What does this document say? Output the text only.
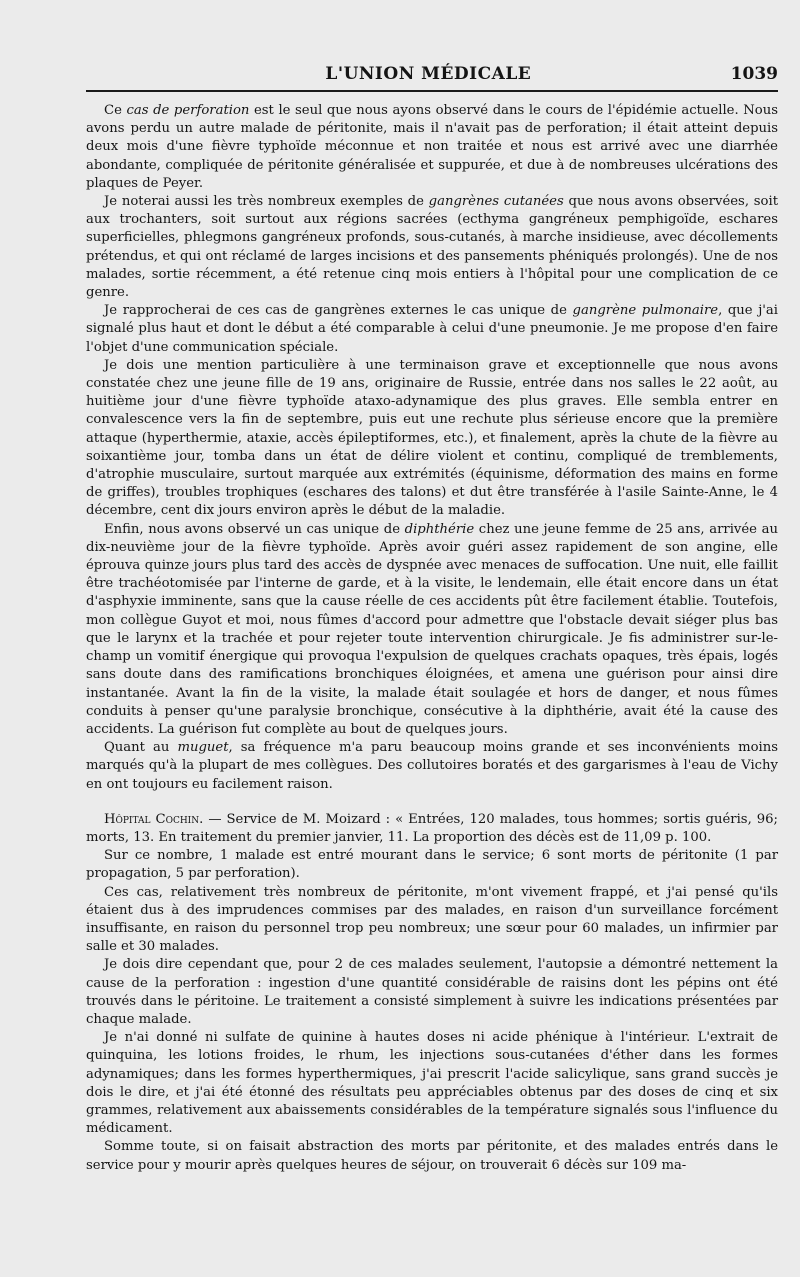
L'UNION MÉDICALE	1039

Ce cas de perforation est le seul que nous ayons observé dans le cours de l'épidémie actuelle. Nous avons perdu un autre malade de péritonite, mais il n'avait pas de perforation; il était atteint depuis deux mois d'une fièvre typhoïde méconnue et non traitée et nous est arrivé avec une diarrhée abondante, compliquée de péritonite généralisée et suppurée, et due à de nombreuses ulcérations des plaques de Peyer.

Je noterai aussi les très nombreux exemples de gangrènes cutanées que nous avons observées, soit aux trochanters, soit surtout aux régions sacrées (ecthyma gangréneux pemphigoïde, eschares superficielles, phlegmons gangréneux profonds, sous-cutanés, à marche insidieuse, avec décollements prétendus, et qui ont réclamé de larges incisions et des pansements phéniqués prolongés). Une de nos malades, sortie récemment, a été retenue cinq mois entiers à l'hôpital pour une complication de ce genre.

Je rapprocherai de ces cas de gangrènes externes le cas unique de gangrène pulmonaire, que j'ai signalé plus haut et dont le début a été comparable à celui d'une pneumonie. Je me propose d'en faire l'objet d'une communication spéciale.

Je dois une mention particulière à une terminaison grave et exceptionnelle que nous avons constatée chez une jeune fille de 19 ans, originaire de Russie, entrée dans nos salles le 22 août, au huitième jour d'une fièvre typhoïde ataxo-adynamique des plus graves. Elle sembla entrer en convalescence vers la fin de septembre, puis eut une rechute plus sérieuse encore que la première attaque (hyperthermie, ataxie, accès épileptiformes, etc.), et finalement, après la chute de la fièvre au soixantième jour, tomba dans un état de délire violent et continu, compliqué de tremblements, d'atrophie musculaire, surtout marquée aux extrémités (équinisme, déformation des mains en forme de griffes), troubles trophiques (eschares des talons) et dut être transférée à l'asile Sainte-Anne, le 4 décembre, cent dix jours environ après le début de la maladie.

Enfin, nous avons observé un cas unique de diphthérie chez une jeune femme de 25 ans, arrivée au dix-neuvième jour de la fièvre typhoïde. Après avoir guéri assez rapidement de son angine, elle éprouva quinze jours plus tard des accès de dyspnée avec menaces de suffocation. Une nuit, elle faillit être trachéotomisée par l'interne de garde, et à la visite, le lendemain, elle était encore dans un état d'asphyxie imminente, sans que la cause réelle de ces accidents pût être facilement établie. Toutefois, mon collègue Guyot et moi, nous fûmes d'accord pour admettre que l'obstacle devait siéger plus bas que le larynx et la trachée et pour rejeter toute intervention chirurgicale. Je fis administrer sur-le-champ un vomitif énergique qui provoqua l'expulsion de quelques crachats opaques, très épais, logés sans doute dans des ramifications bronchiques éloignées, et amena une guérison pour ainsi dire instantanée. Avant la fin de la visite, la malade était soulagée et hors de danger, et nous fûmes conduits à penser qu'une paralysie bronchique, consécutive à la diphthérie, avait été la cause des accidents. La guérison fut complète au bout de quelques jours.

Quant au muguet, sa fréquence m'a paru beaucoup moins grande et ses inconvénients moins marqués qu'à la plupart de mes collègues. Des collutoires boratés et des gargarismes à l'eau de Vichy en ont toujours eu facilement raison.

Hôpital Cochin. — Service de M. Moizard : « Entrées, 120 malades, tous hommes; sortis guéris, 96; morts, 13. En traitement du premier janvier, 11. La proportion des décès est de 11,09 p. 100.

Sur ce nombre, 1 malade est entré mourant dans le service; 6 sont morts de péritonite (1 par propagation, 5 par perforation).

Ces cas, relativement très nombreux de péritonite, m'ont vivement frappé, et j'ai pensé qu'ils étaient dus à des imprudences commises par des malades, en raison d'un surveillance forcément insuffisante, en raison du personnel trop peu nombreux; une sœur pour 60 malades, un infirmier par salle et 30 malades.

Je dois dire cependant que, pour 2 de ces malades seulement, l'autopsie a démontré nettement la cause de la perforation : ingestion d'une quantité considérable de raisins dont les pépins ont été trouvés dans le péritoine. Le traitement a consisté simplement à suivre les indications présentées par chaque malade.

Je n'ai donné ni sulfate de quinine à hautes doses ni acide phénique à l'intérieur. L'extrait de quinquina, les lotions froides, le rhum, les injections sous-cutanées d'éther dans les formes adynamiques; dans les formes hyperthermiques, j'ai prescrit l'acide salicylique, sans grand succès je dois le dire, et j'ai été étonné des résultats peu appréciables obtenus par des doses de cinq et six grammes, relativement aux abaissements considérables de la température signalés sous l'influence du médicament.

Somme toute, si on faisait abstraction des morts par péritonite, et des malades entrés dans le service pour y mourir après quelques heures de séjour, on trouverait 6 décès sur 109 ma-
